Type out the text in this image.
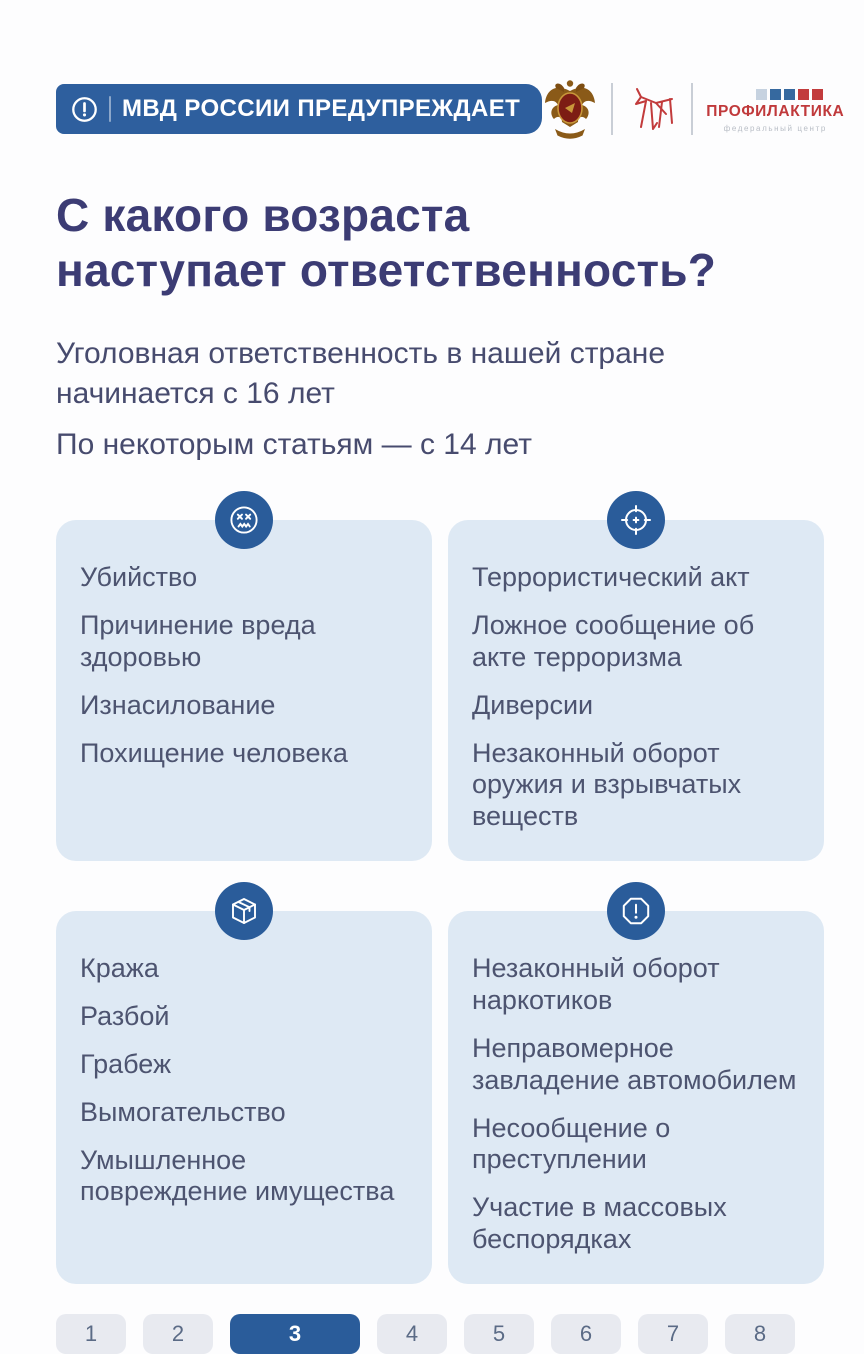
МВД РОССИИ ПРЕДУПРЕЖДАЕТ	ПРОФИЛАКТИКА
федеральный центр
С какого возраста
наступает ответственность?

Уголовная ответственность в нашей стране начинается с 16 лет

По некоторым статьям — с 14 лет

Убийство
Причинение вреда здоровью
Изнасилование
Похищение человека
Террористический акт
Ложное сообщение об акте терроризма
Диверсии
Незаконный оборот оружия и взрывчатых веществ
Кража
Разбой
Грабеж
Вымогательство
Умышленное повреждение имущества
Незаконный оборот наркотиков
Неправомерное завладение автомобилем
Несообщение о преступлении
Участие в массовых беспорядках
1	2	3	4	5	6	7	8
